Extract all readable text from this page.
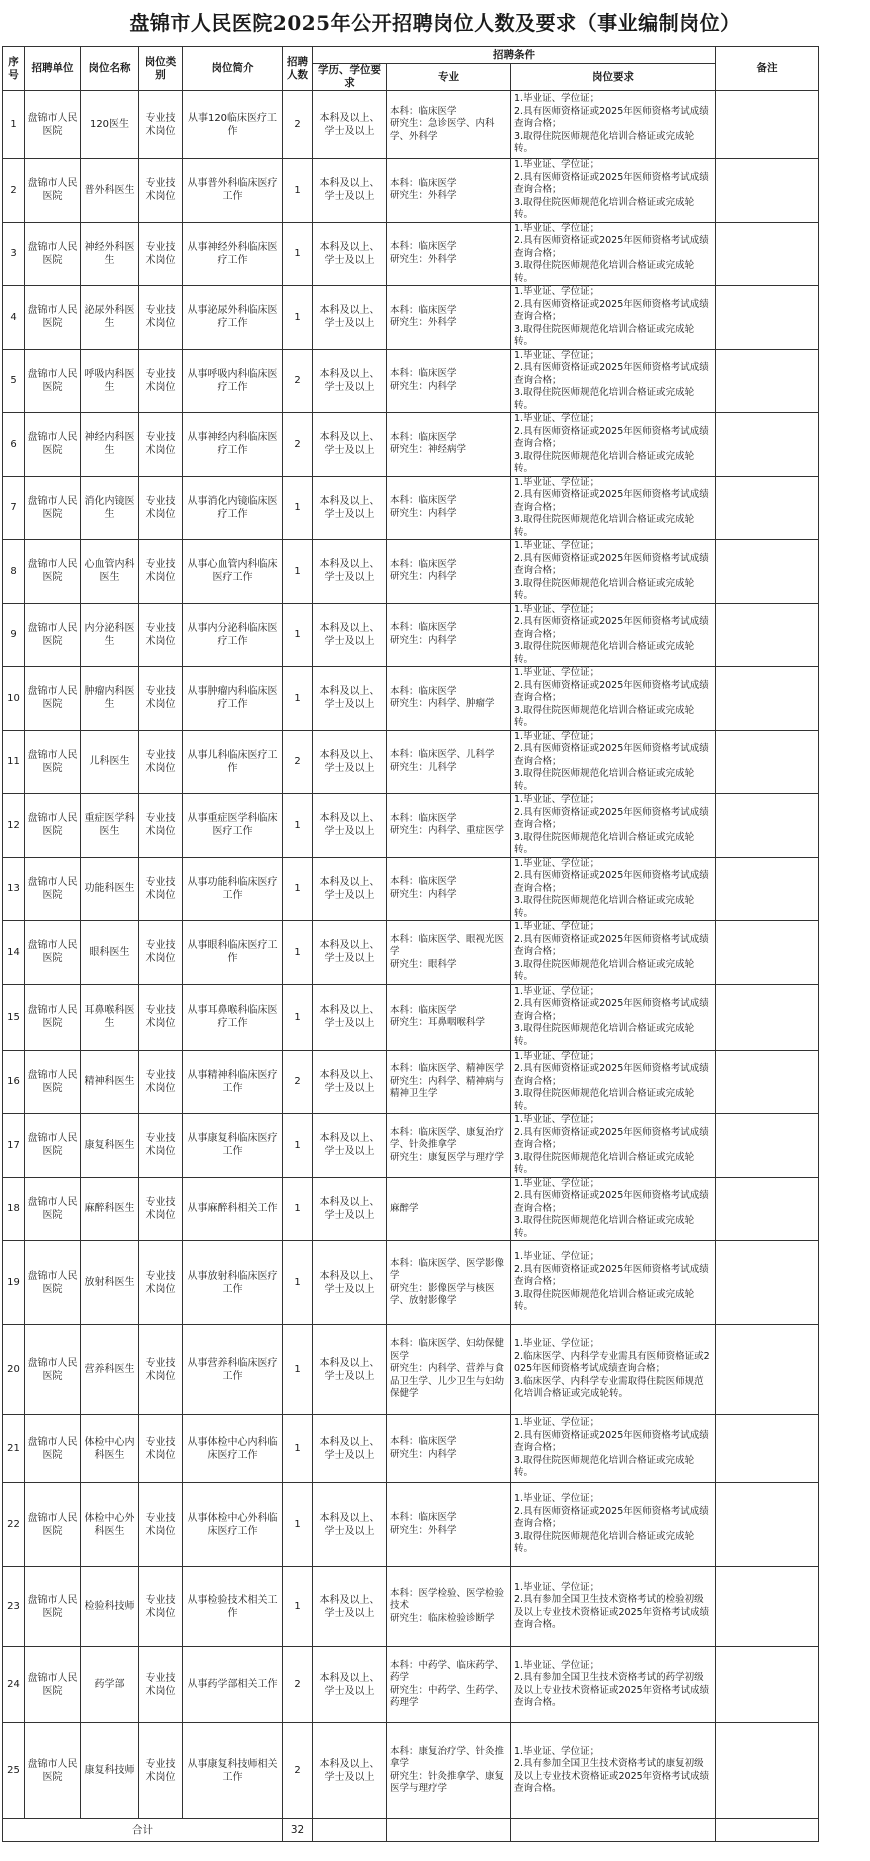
盘锦市人民医院2025年公开招聘岗位人数及要求（事业编制岗位）
序号	招聘单位	岗位名称	岗位类别	岗位简介	招聘人数	招聘条件			备注
						学历、学位要求	专业	岗位要求	
1	盘锦市人民医院	120医生	专业技术岗位	从事120临床医疗工作	2	本科及以上、学士及以上	本科：临床医学
研究生：急诊医学、内科学、外科学	1.毕业证、学位证；
2.具有医师资格证或2025年医师资格考试成绩查询合格；
3.取得住院医师规范化培训合格证或完成轮转。	
2	盘锦市人民医院	普外科医生	专业技术岗位	从事普外科临床医疗工作	1	本科及以上、学士及以上	本科：临床医学
研究生：外科学	1.毕业证、学位证；
2.具有医师资格证或2025年医师资格考试成绩查询合格；
3.取得住院医师规范化培训合格证或完成轮转。	
3	盘锦市人民医院	神经外科医生	专业技术岗位	从事神经外科临床医疗工作	1	本科及以上、学士及以上	本科：临床医学
研究生：外科学	1.毕业证、学位证；
2.具有医师资格证或2025年医师资格考试成绩查询合格；
3.取得住院医师规范化培训合格证或完成轮转。	
4	盘锦市人民医院	泌尿外科医生	专业技术岗位	从事泌尿外科临床医疗工作	1	本科及以上、学士及以上	本科：临床医学
研究生：外科学	1.毕业证、学位证；
2.具有医师资格证或2025年医师资格考试成绩查询合格；
3.取得住院医师规范化培训合格证或完成轮转。	
5	盘锦市人民医院	呼吸内科医生	专业技术岗位	从事呼吸内科临床医疗工作	2	本科及以上、学士及以上	本科：临床医学
研究生：内科学	1.毕业证、学位证；
2.具有医师资格证或2025年医师资格考试成绩查询合格；
3.取得住院医师规范化培训合格证或完成轮转。	
6	盘锦市人民医院	神经内科医生	专业技术岗位	从事神经内科临床医疗工作	2	本科及以上、学士及以上	本科：临床医学
研究生：神经病学	1.毕业证、学位证；
2.具有医师资格证或2025年医师资格考试成绩查询合格；
3.取得住院医师规范化培训合格证或完成轮转。	
7	盘锦市人民医院	消化内镜医生	专业技术岗位	从事消化内镜临床医疗工作	1	本科及以上、学士及以上	本科：临床医学
研究生：内科学	1.毕业证、学位证；
2.具有医师资格证或2025年医师资格考试成绩查询合格；
3.取得住院医师规范化培训合格证或完成轮转。	
8	盘锦市人民医院	心血管内科医生	专业技术岗位	从事心血管内科临床医疗工作	1	本科及以上、学士及以上	本科：临床医学
研究生：内科学	1.毕业证、学位证；
2.具有医师资格证或2025年医师资格考试成绩查询合格；
3.取得住院医师规范化培训合格证或完成轮转。	
9	盘锦市人民医院	内分泌科医生	专业技术岗位	从事内分泌科临床医疗工作	1	本科及以上、学士及以上	本科：临床医学
研究生：内科学	1.毕业证、学位证；
2.具有医师资格证或2025年医师资格考试成绩查询合格；
3.取得住院医师规范化培训合格证或完成轮转。	
10	盘锦市人民医院	肿瘤内科医生	专业技术岗位	从事肿瘤内科临床医疗工作	1	本科及以上、学士及以上	本科：临床医学
研究生：内科学、肿瘤学	1.毕业证、学位证；
2.具有医师资格证或2025年医师资格考试成绩查询合格；
3.取得住院医师规范化培训合格证或完成轮转。	
11	盘锦市人民医院	儿科医生	专业技术岗位	从事儿科临床医疗工作	2	本科及以上、学士及以上	本科：临床医学、儿科学
研究生：儿科学	1.毕业证、学位证；
2.具有医师资格证或2025年医师资格考试成绩查询合格；
3.取得住院医师规范化培训合格证或完成轮转。	
12	盘锦市人民医院	重症医学科医生	专业技术岗位	从事重症医学科临床医疗工作	1	本科及以上、学士及以上	本科：临床医学
研究生：内科学、重症医学	1.毕业证、学位证；
2.具有医师资格证或2025年医师资格考试成绩查询合格；
3.取得住院医师规范化培训合格证或完成轮转。	
13	盘锦市人民医院	功能科医生	专业技术岗位	从事功能科临床医疗工作	1	本科及以上、学士及以上	本科：临床医学
研究生：内科学	1.毕业证、学位证；
2.具有医师资格证或2025年医师资格考试成绩查询合格；
3.取得住院医师规范化培训合格证或完成轮转。	
14	盘锦市人民医院	眼科医生	专业技术岗位	从事眼科临床医疗工作	1	本科及以上、学士及以上	本科：临床医学、眼视光医学
研究生：眼科学	1.毕业证、学位证；
2.具有医师资格证或2025年医师资格考试成绩查询合格；
3.取得住院医师规范化培训合格证或完成轮转。	
15	盘锦市人民医院	耳鼻喉科医生	专业技术岗位	从事耳鼻喉科临床医疗工作	1	本科及以上、学士及以上	本科：临床医学
研究生：耳鼻咽喉科学	1.毕业证、学位证；
2.具有医师资格证或2025年医师资格考试成绩查询合格；
3.取得住院医师规范化培训合格证或完成轮转。	
16	盘锦市人民医院	精神科医生	专业技术岗位	从事精神科临床医疗工作	2	本科及以上、学士及以上	本科：临床医学、精神医学
研究生：内科学、精神病与精神卫生学	1.毕业证、学位证；
2.具有医师资格证或2025年医师资格考试成绩查询合格；
3.取得住院医师规范化培训合格证或完成轮转。	
17	盘锦市人民医院	康复科医生	专业技术岗位	从事康复科临床医疗工作	1	本科及以上、学士及以上	本科：临床医学、康复治疗学、针灸推拿学
研究生：康复医学与理疗学	1.毕业证、学位证；
2.具有医师资格证或2025年医师资格考试成绩查询合格；
3.取得住院医师规范化培训合格证或完成轮转。	
18	盘锦市人民医院	麻醉科医生	专业技术岗位	从事麻醉科相关工作	1	本科及以上、学士及以上	麻醉学	1.毕业证、学位证；
2.具有医师资格证或2025年医师资格考试成绩查询合格；
3.取得住院医师规范化培训合格证或完成轮转。	
19	盘锦市人民医院	放射科医生	专业技术岗位	从事放射科临床医疗工作	1	本科及以上、学士及以上	本科：临床医学、医学影像学
研究生：影像医学与核医学、放射影像学	1.毕业证、学位证；
2.具有医师资格证或2025年医师资格考试成绩查询合格；
3.取得住院医师规范化培训合格证或完成轮转。	
20	盘锦市人民医院	营养科医生	专业技术岗位	从事营养科临床医疗工作	1	本科及以上、学士及以上	本科：临床医学、妇幼保健医学
研究生：内科学、营养与食品卫生学、儿少卫生与妇幼保健学	1.毕业证、学位证；
2.临床医学、内科学专业需具有医师资格证或2025年医师资格考试成绩查询合格；
3.临床医学、内科学专业需取得住院医师规范化培训合格证或完成轮转。	
21	盘锦市人民医院	体检中心内科医生	专业技术岗位	从事体检中心内科临床医疗工作	1	本科及以上、学士及以上	本科：临床医学
研究生：内科学	1.毕业证、学位证；
2.具有医师资格证或2025年医师资格考试成绩查询合格；
3.取得住院医师规范化培训合格证或完成轮转。	
22	盘锦市人民医院	体检中心外科医生	专业技术岗位	从事体检中心外科临床医疗工作	1	本科及以上、学士及以上	本科：临床医学
研究生：外科学	1.毕业证、学位证；
2.具有医师资格证或2025年医师资格考试成绩查询合格；
3.取得住院医师规范化培训合格证或完成轮转。	
23	盘锦市人民医院	检验科技师	专业技术岗位	从事检验技术相关工作	1	本科及以上、学士及以上	本科：医学检验、医学检验技术
研究生：临床检验诊断学	1.毕业证、学位证；
2.具有参加全国卫生技术资格考试的检验初级及以上专业技术资格证或2025年资格考试成绩查询合格。	
24	盘锦市人民医院	药学部	专业技术岗位	从事药学部相关工作	2	本科及以上、学士及以上	本科：中药学、临床药学、药学
研究生：中药学、生药学、药理学	1.毕业证、学位证；
2.具有参加全国卫生技术资格考试的药学初级及以上专业技术资格证或2025年资格考试成绩查询合格。	
25	盘锦市人民医院	康复科技师	专业技术岗位	从事康复科技师相关工作	2	本科及以上、学士及以上	本科：康复治疗学、针灸推拿学
研究生：针灸推拿学、康复医学与理疗学	1.毕业证、学位证；
2.具有参加全国卫生技术资格考试的康复初级及以上专业技术资格证或2025年资格考试成绩查询合格。	
合计					32				
